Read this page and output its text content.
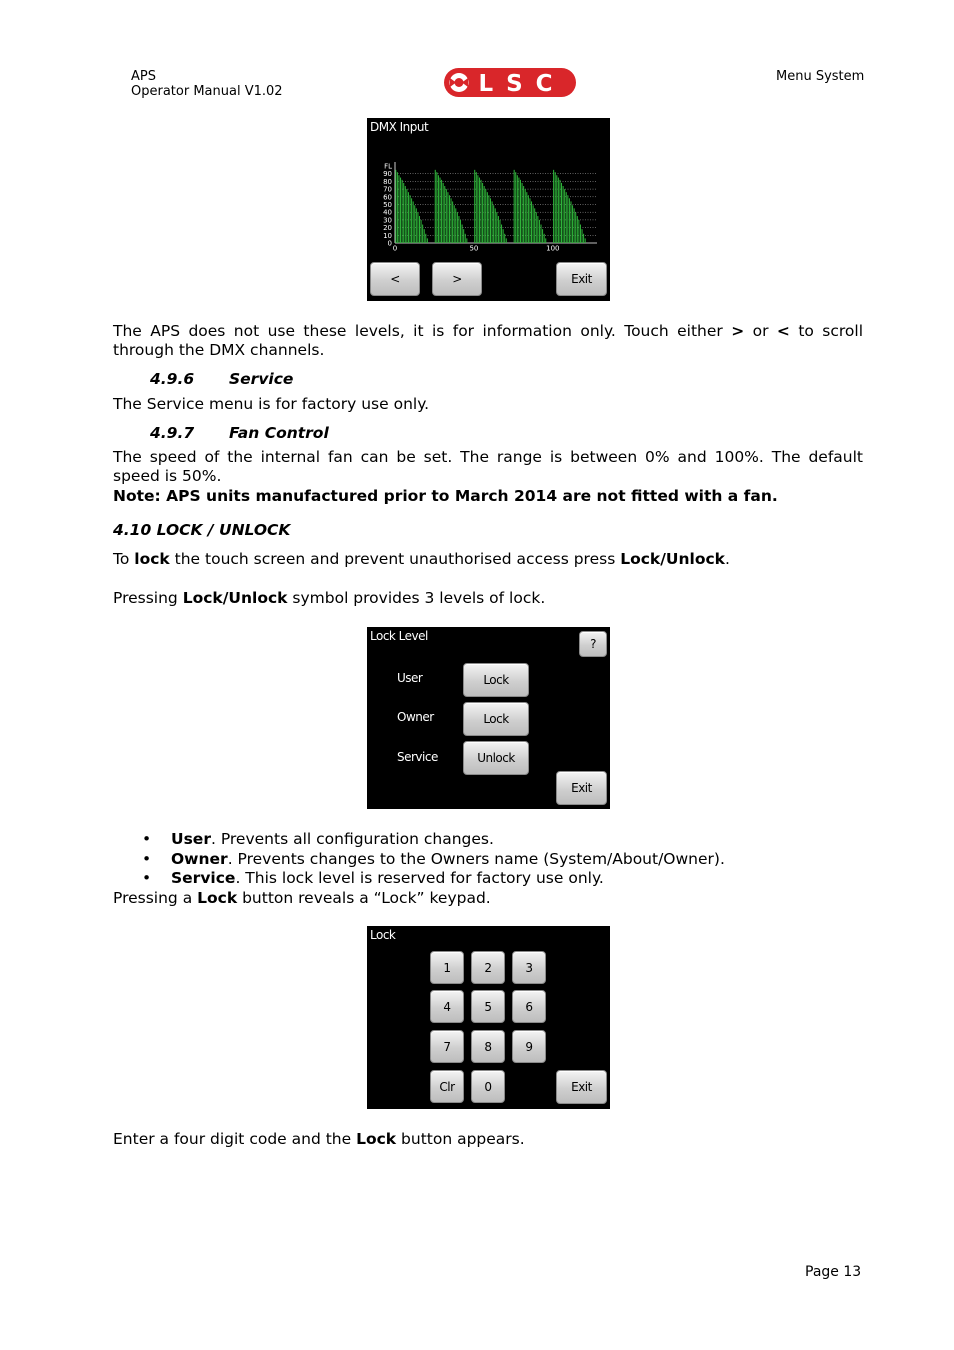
APS
Operator Manual V1.02
Menu System
LSC
DMX Input
90
80
70
60
50
40
30
20
10
0
FL
0	50	100
<	>	Exit
The APS does not use these levels, it is for information only. Touch either > or < to scroll through the DMX channels.
4.9.6 Service
The Service menu is for factory use only.
4.9.7 Fan Control
The speed of the internal fan can be set. The range is between 0% and 100%. The default speed is 50%.
Note: APS units manufactured prior to March 2014 are not fitted with a fan.
4.10 LOCK / UNLOCK
To lock the touch screen and prevent unauthorised access press Lock/Unlock.
Pressing Lock/Unlock symbol provides 3 levels of lock.
Lock Level
?
User	Lock
Owner	Lock
Service	Unlock
Exit
• User. Prevents all configuration changes.
• Owner. Prevents changes to the Owners name (System/About/Owner).
• Service. This lock level is reserved for factory use only.
Pressing a Lock button reveals a “Lock” keypad.
Lock
1	2	3
4	5	6
7	8	9
Clr	0	Exit
Enter a four digit code and the Lock button appears.
Page 13
